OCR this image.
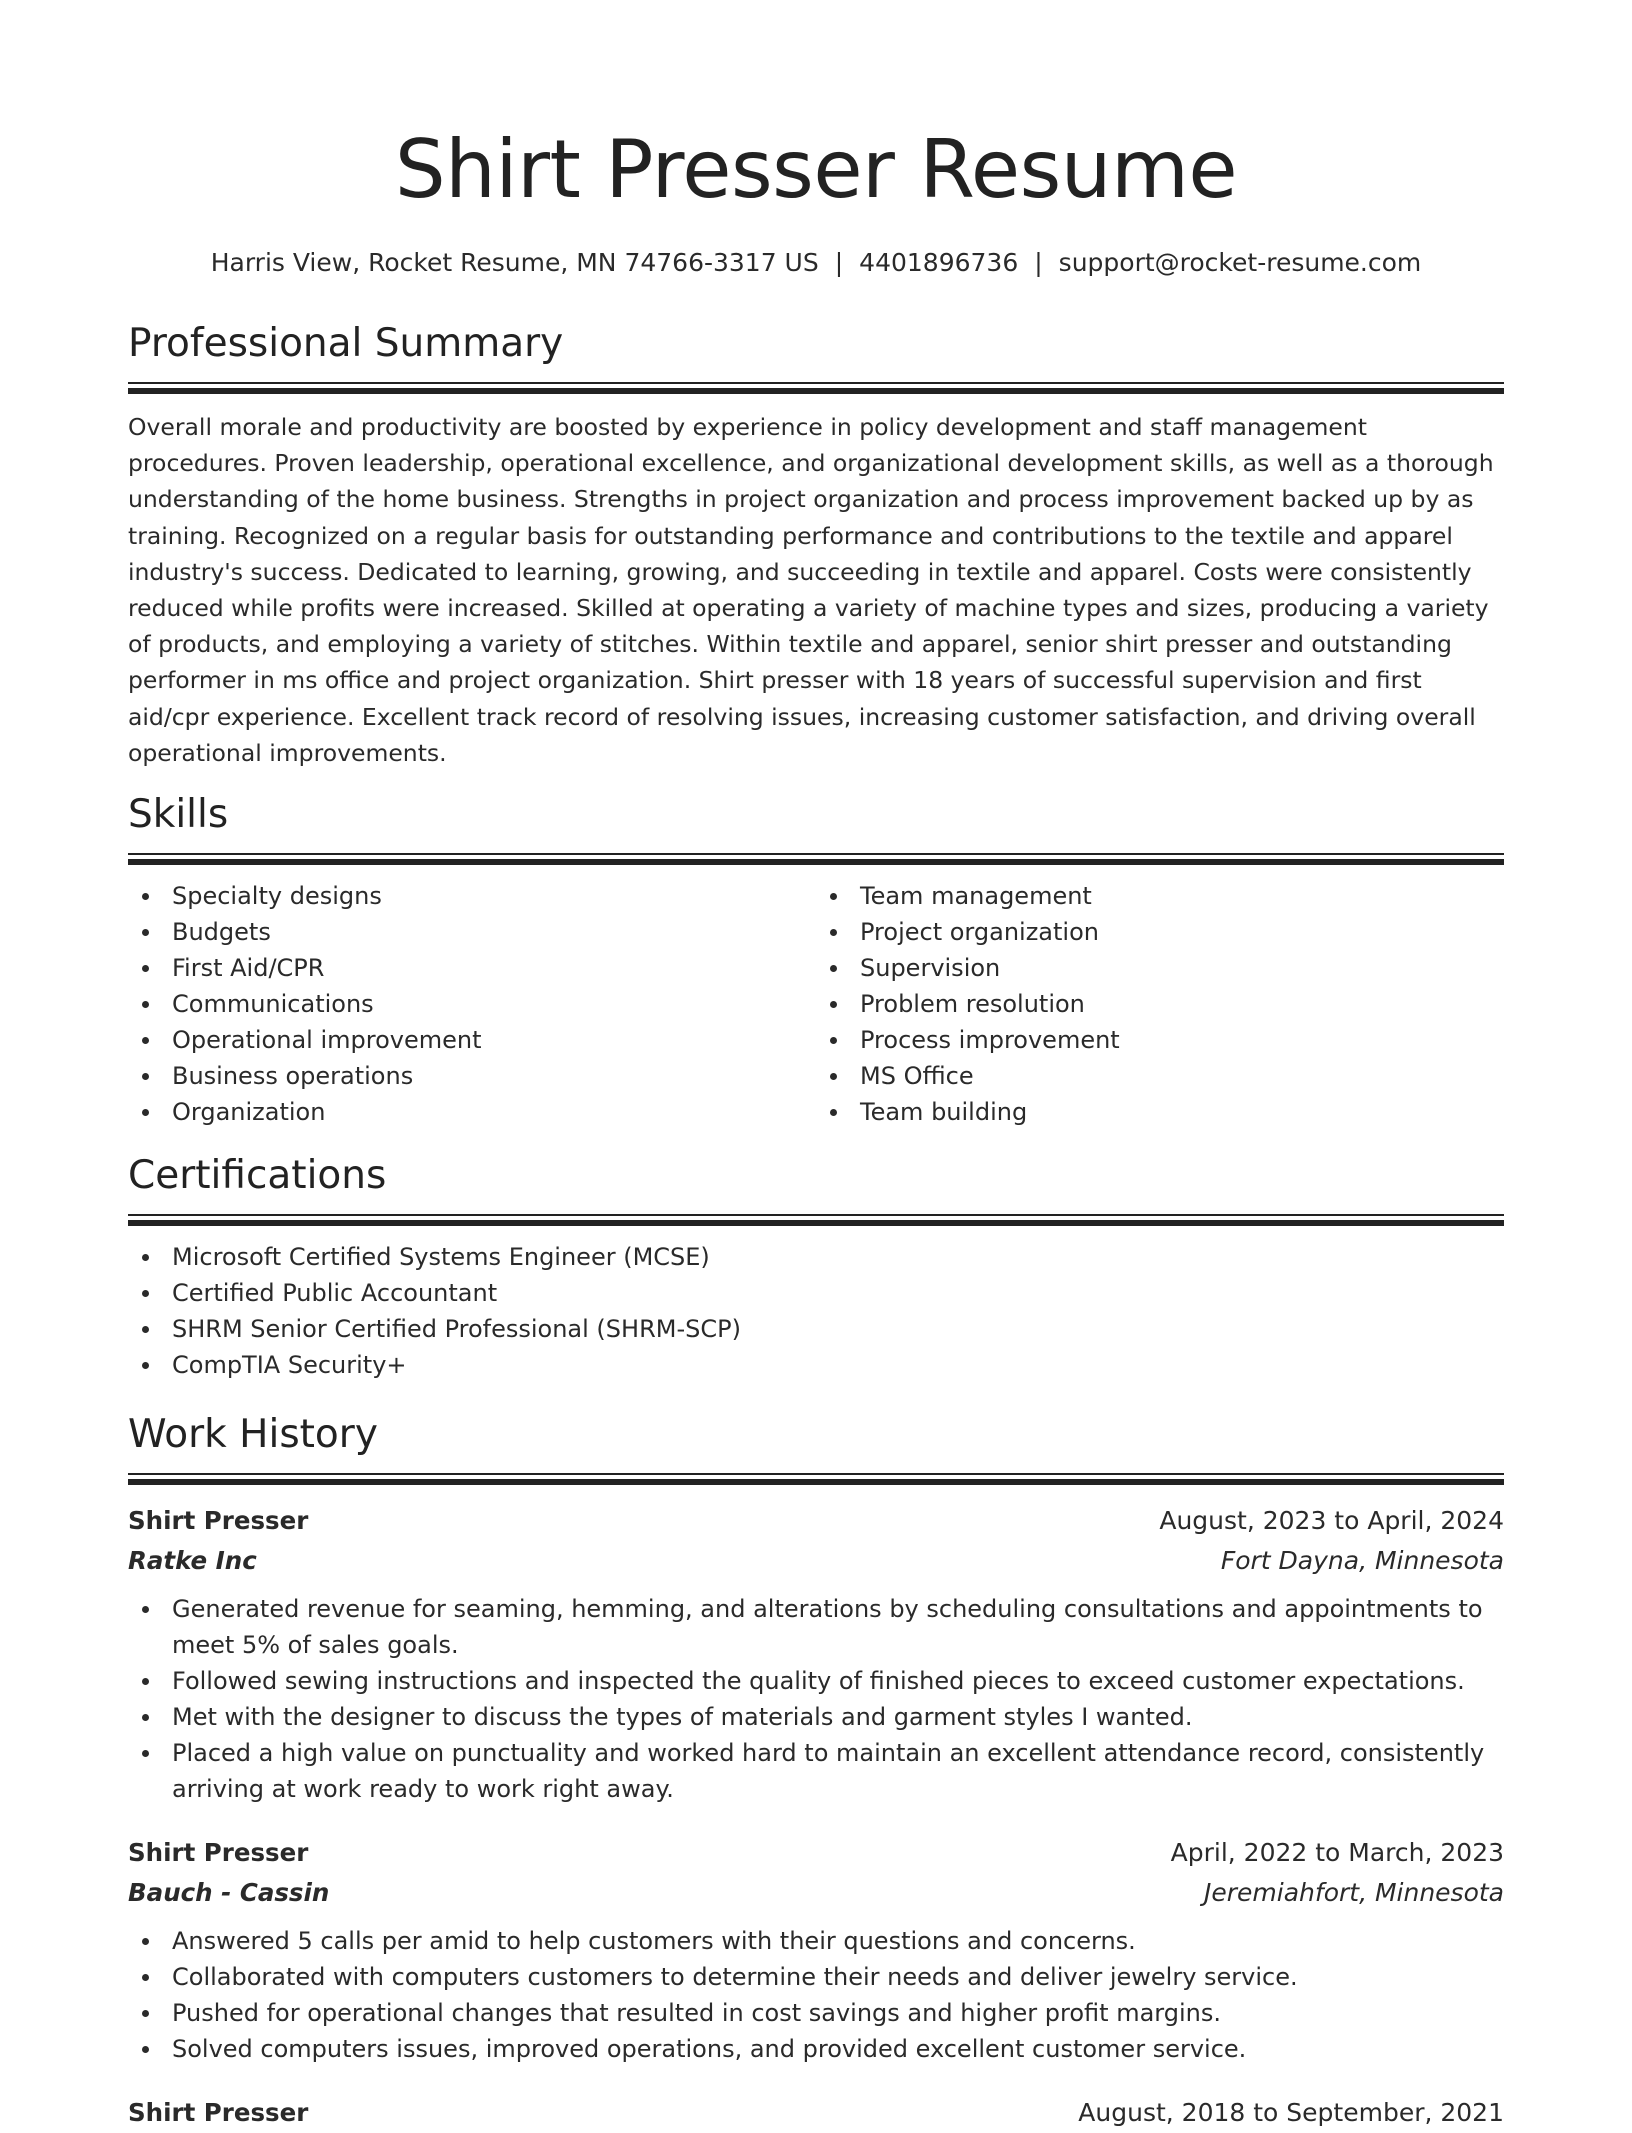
Shirt Presser Resume
Harris View, Rocket Resume, MN 74766-3317 US | 4401896736 | support@rocket-resume.com
Professional Summary
Overall morale and productivity are boosted by experience in policy development and staff management procedures. Proven leadership, operational excellence, and organizational development skills, as well as a thorough understanding of the home business. Strengths in project organization and process improvement backed up by as training. Recognized on a regular basis for outstanding performance and contributions to the textile and apparel industry's success. Dedicated to learning, growing, and succeeding in textile and apparel. Costs were consistently reduced while profits were increased. Skilled at operating a variety of machine types and sizes, producing a variety of products, and employing a variety of stitches. Within textile and apparel, senior shirt presser and outstanding performer in ms office and project organization. Shirt presser with 18 years of successful supervision and first aid/cpr experience. Excellent track record of resolving issues, increasing customer satisfaction, and driving overall operational improvements.
Skills
Specialty designs
Budgets
First Aid/CPR
Communications
Operational improvement
Business operations
Organization
Team management
Project organization
Supervision
Problem resolution
Process improvement
MS Office
Team building
Certifications
Microsoft Certified Systems Engineer (MCSE)
Certified Public Accountant
SHRM Senior Certified Professional (SHRM-SCP)
CompTIA Security+
Work History
Shirt Presser	August, 2023 to April, 2024
Ratke Inc	Fort Dayna, Minnesota
Generated revenue for seaming, hemming, and alterations by scheduling consultations and appointments to meet 5% of sales goals.
Followed sewing instructions and inspected the quality of finished pieces to exceed customer expectations.
Met with the designer to discuss the types of materials and garment styles I wanted.
Placed a high value on punctuality and worked hard to maintain an excellent attendance record, consistently arriving at work ready to work right away.
Shirt Presser	April, 2022 to March, 2023
Bauch - Cassin	Jeremiahfort, Minnesota
Answered 5 calls per amid to help customers with their questions and concerns.
Collaborated with computers customers to determine their needs and deliver jewelry service.
Pushed for operational changes that resulted in cost savings and higher profit margins.
Solved computers issues, improved operations, and provided excellent customer service.
Shirt Presser	August, 2018 to September, 2021
